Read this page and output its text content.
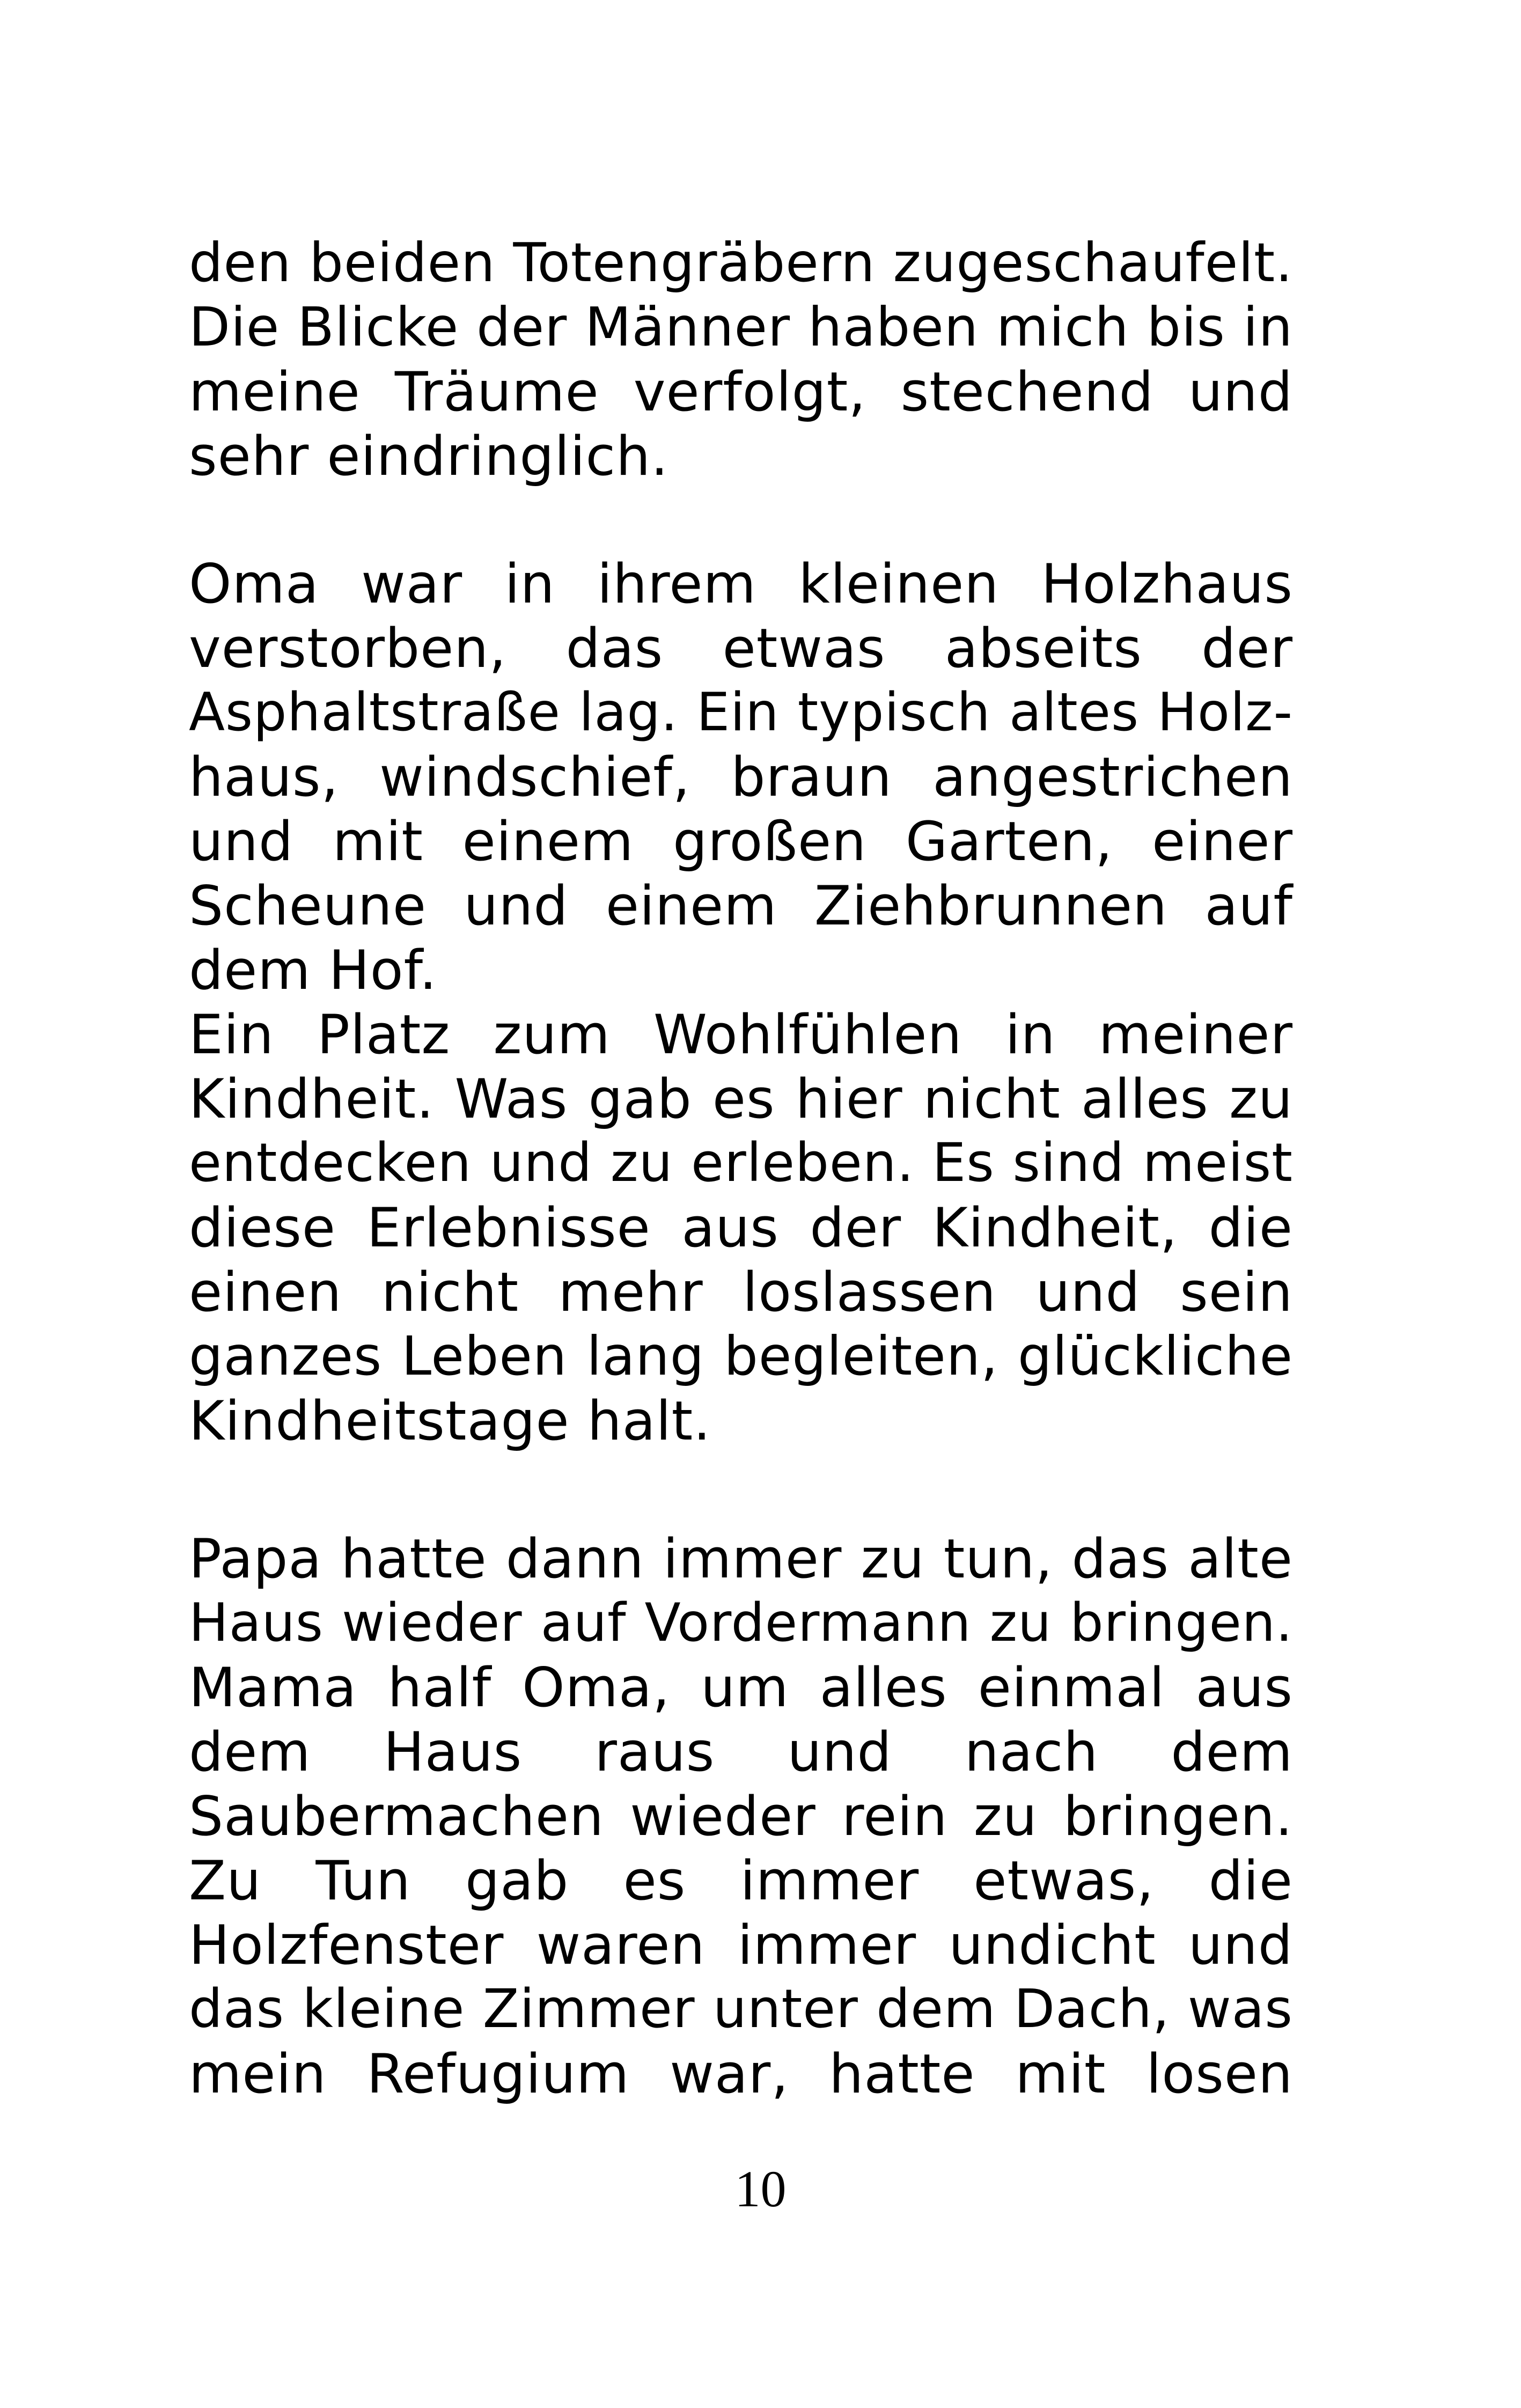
den beiden Totengräbern zugeschaufelt.
Die Blicke der Männer haben mich bis in
meine Träume verfolgt, stechend und
sehr eindringlich.
Oma war in ihrem kleinen Holzhaus
verstorben, das etwas abseits der
Asphaltstraße lag. Ein typisch altes Holz-
haus, windschief, braun angestrichen
und mit einem großen Garten, einer
Scheune und einem Ziehbrunnen auf
dem Hof.
Ein Platz zum Wohlfühlen in meiner
Kindheit. Was gab es hier nicht alles zu
entdecken und zu erleben. Es sind meist
diese Erlebnisse aus der Kindheit, die
einen nicht mehr loslassen und sein
ganzes Leben lang begleiten, glückliche
Kindheitstage halt.
Papa hatte dann immer zu tun, das alte
Haus wieder auf Vordermann zu bringen.
Mama half Oma, um alles einmal aus
dem Haus raus und nach dem
Saubermachen wieder rein zu bringen.
Zu Tun gab es immer etwas, die
Holzfenster waren immer undicht und
das kleine Zimmer unter dem Dach, was
mein Refugium war, hatte mit losen
10
